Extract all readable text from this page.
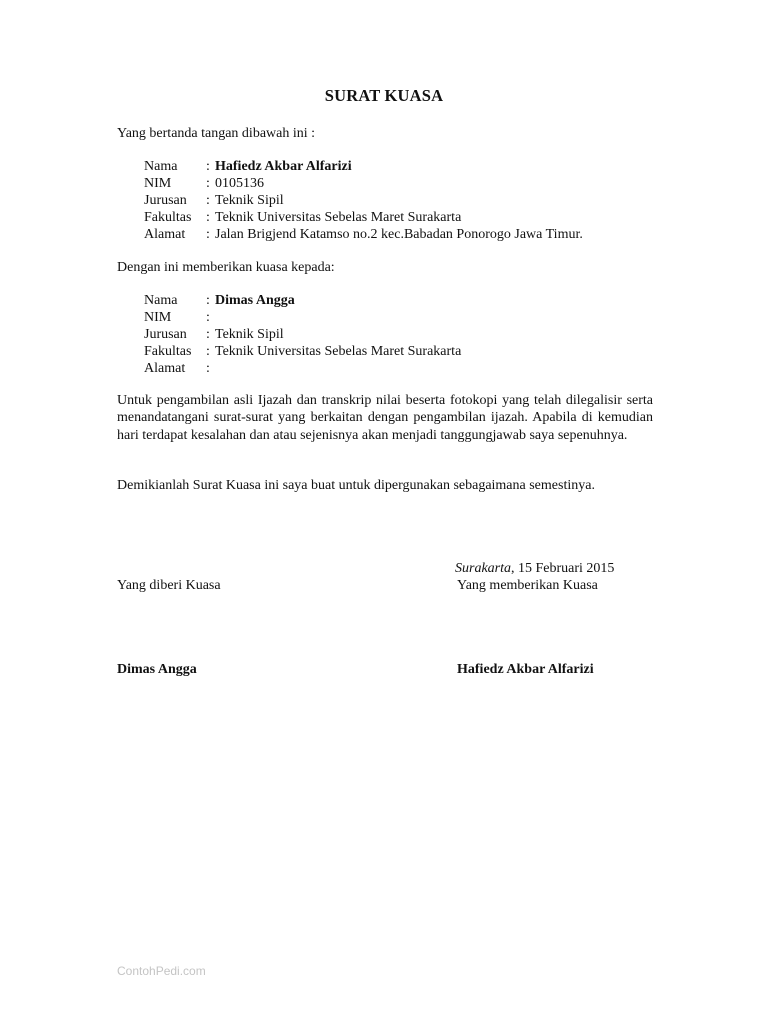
SURAT KUASA
Yang bertanda tangan dibawah ini :
Nama : Hafiedz Akbar Alfarizi
NIM : 0105136
Jurusan : Teknik Sipil
Fakultas : Teknik Universitas Sebelas Maret Surakarta
Alamat : Jalan Brigjend Katamso no.2 kec.Babadan Ponorogo Jawa Timur.
Dengan ini memberikan kuasa kepada:
Nama : Dimas Angga
NIM :
Jurusan : Teknik Sipil
Fakultas : Teknik Universitas Sebelas Maret Surakarta
Alamat :
Untuk pengambilan asli Ijazah dan transkrip nilai beserta fotokopi yang telah dilegalisir serta menandatangani surat-surat yang berkaitan dengan pengambilan ijazah. Apabila di kemudian hari terdapat kesalahan dan atau sejenisnya akan menjadi tanggungjawab saya sepenuhnya.
Demikianlah Surat Kuasa ini saya buat untuk dipergunakan sebagaimana semestinya.
Surakarta, 15 Februari 2015
Yang diberi Kuasa	Yang memberikan Kuasa
Dimas Angga	Hafiedz Akbar Alfarizi
ContohPedi.com
